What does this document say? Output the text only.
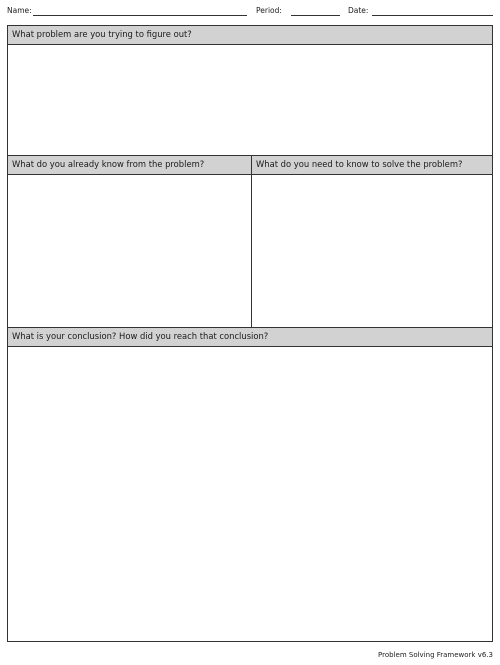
Name:	Period:	Date:
What problem are you trying to figure out?
What do you already know from the problem?	What do you need to know to solve the problem?
What is your conclusion? How did you reach that conclusion?
Problem Solving Framework v6.3
